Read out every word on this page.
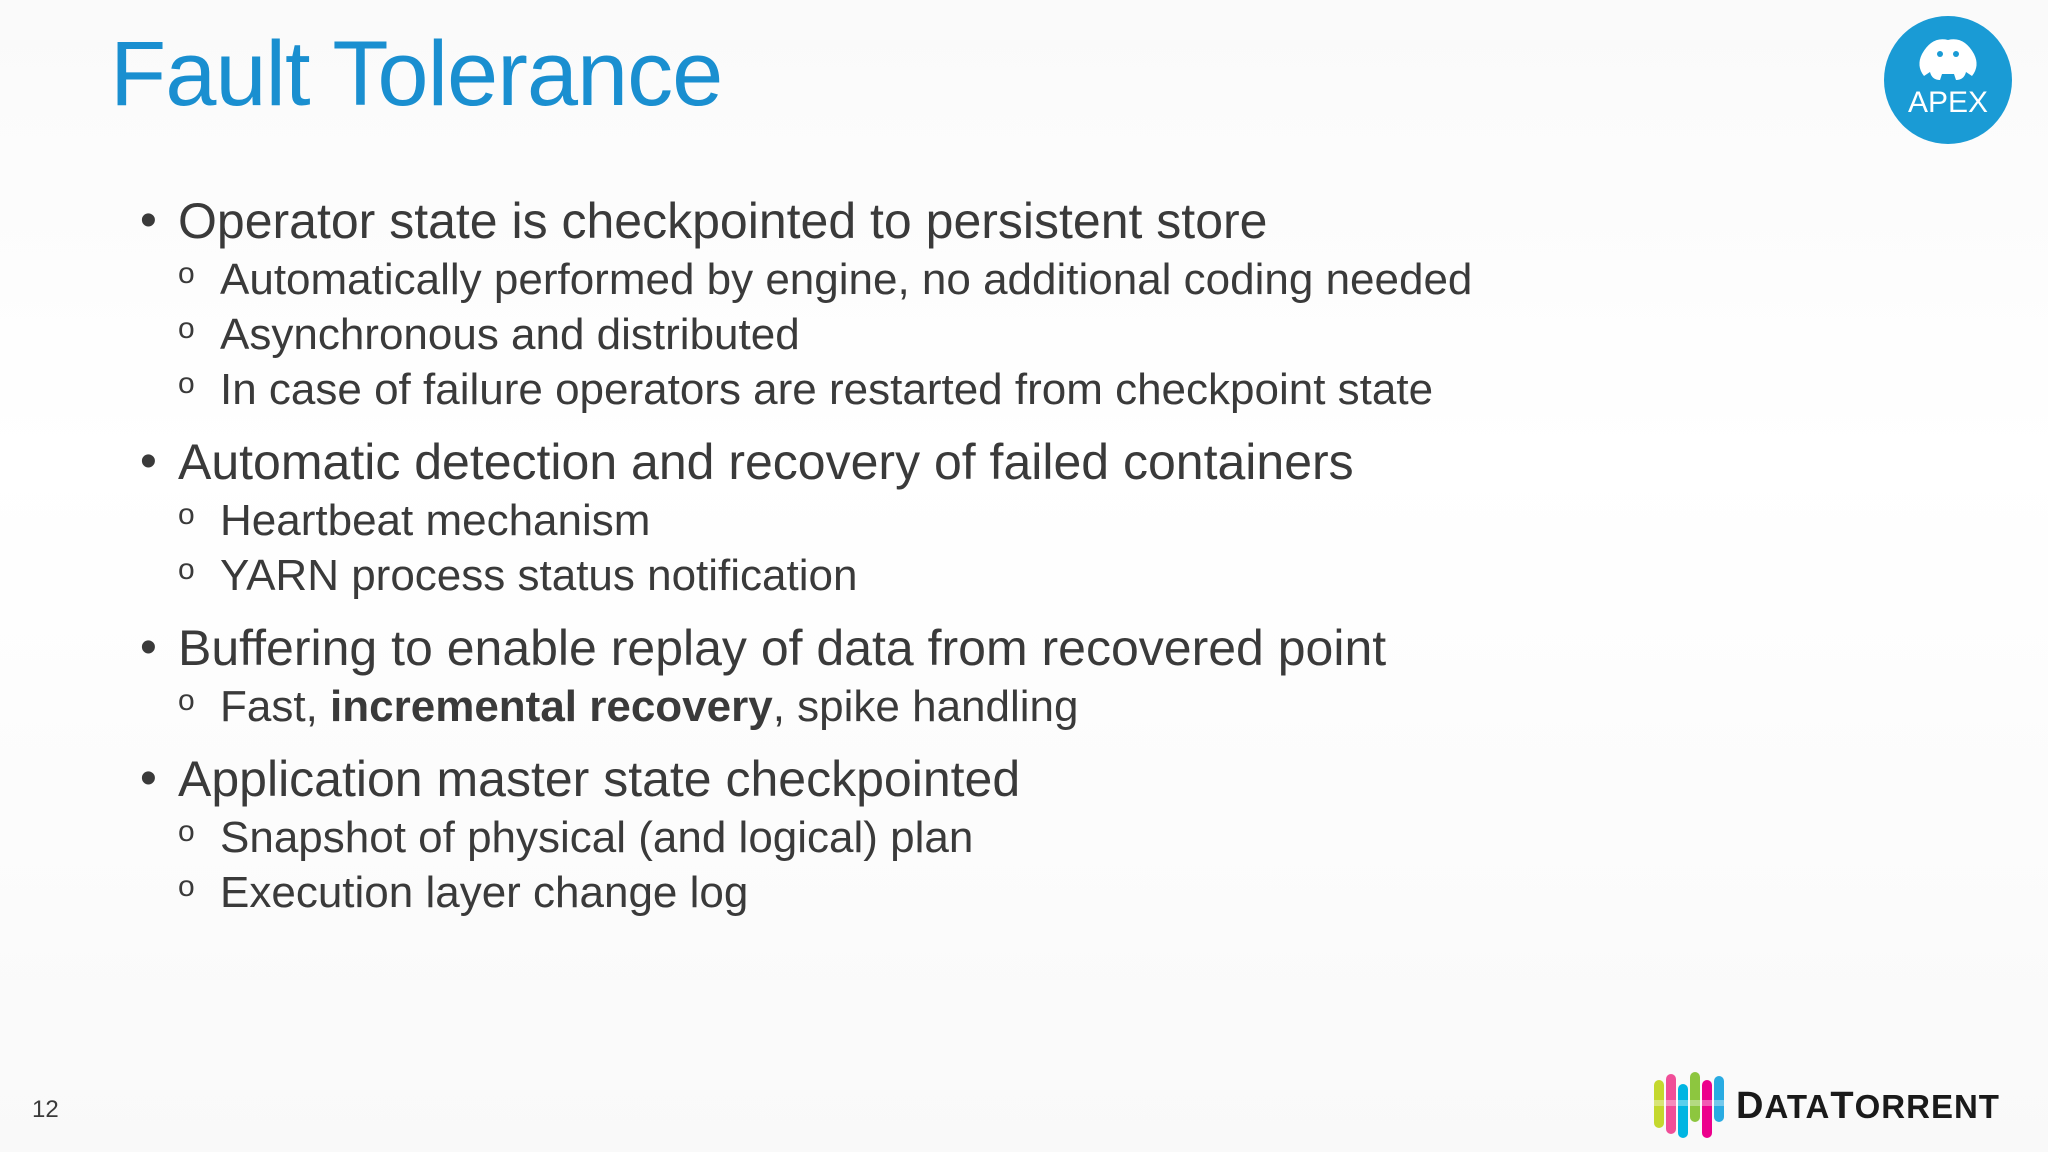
Fault Tolerance	APEX
• Operator state is checkpointed to persistent store
o Automatically performed by engine, no additional coding needed
o Asynchronous and distributed
o In case of failure operators are restarted from checkpoint state
• Automatic detection and recovery of failed containers
o Heartbeat mechanism
o YARN process status notification
• Buffering to enable replay of data from recovered point
o Fast, incremental recovery, spike handling
• Application master state checkpointed
o Snapshot of physical (and logical) plan
o Execution layer change log
12	DATATORRENT
